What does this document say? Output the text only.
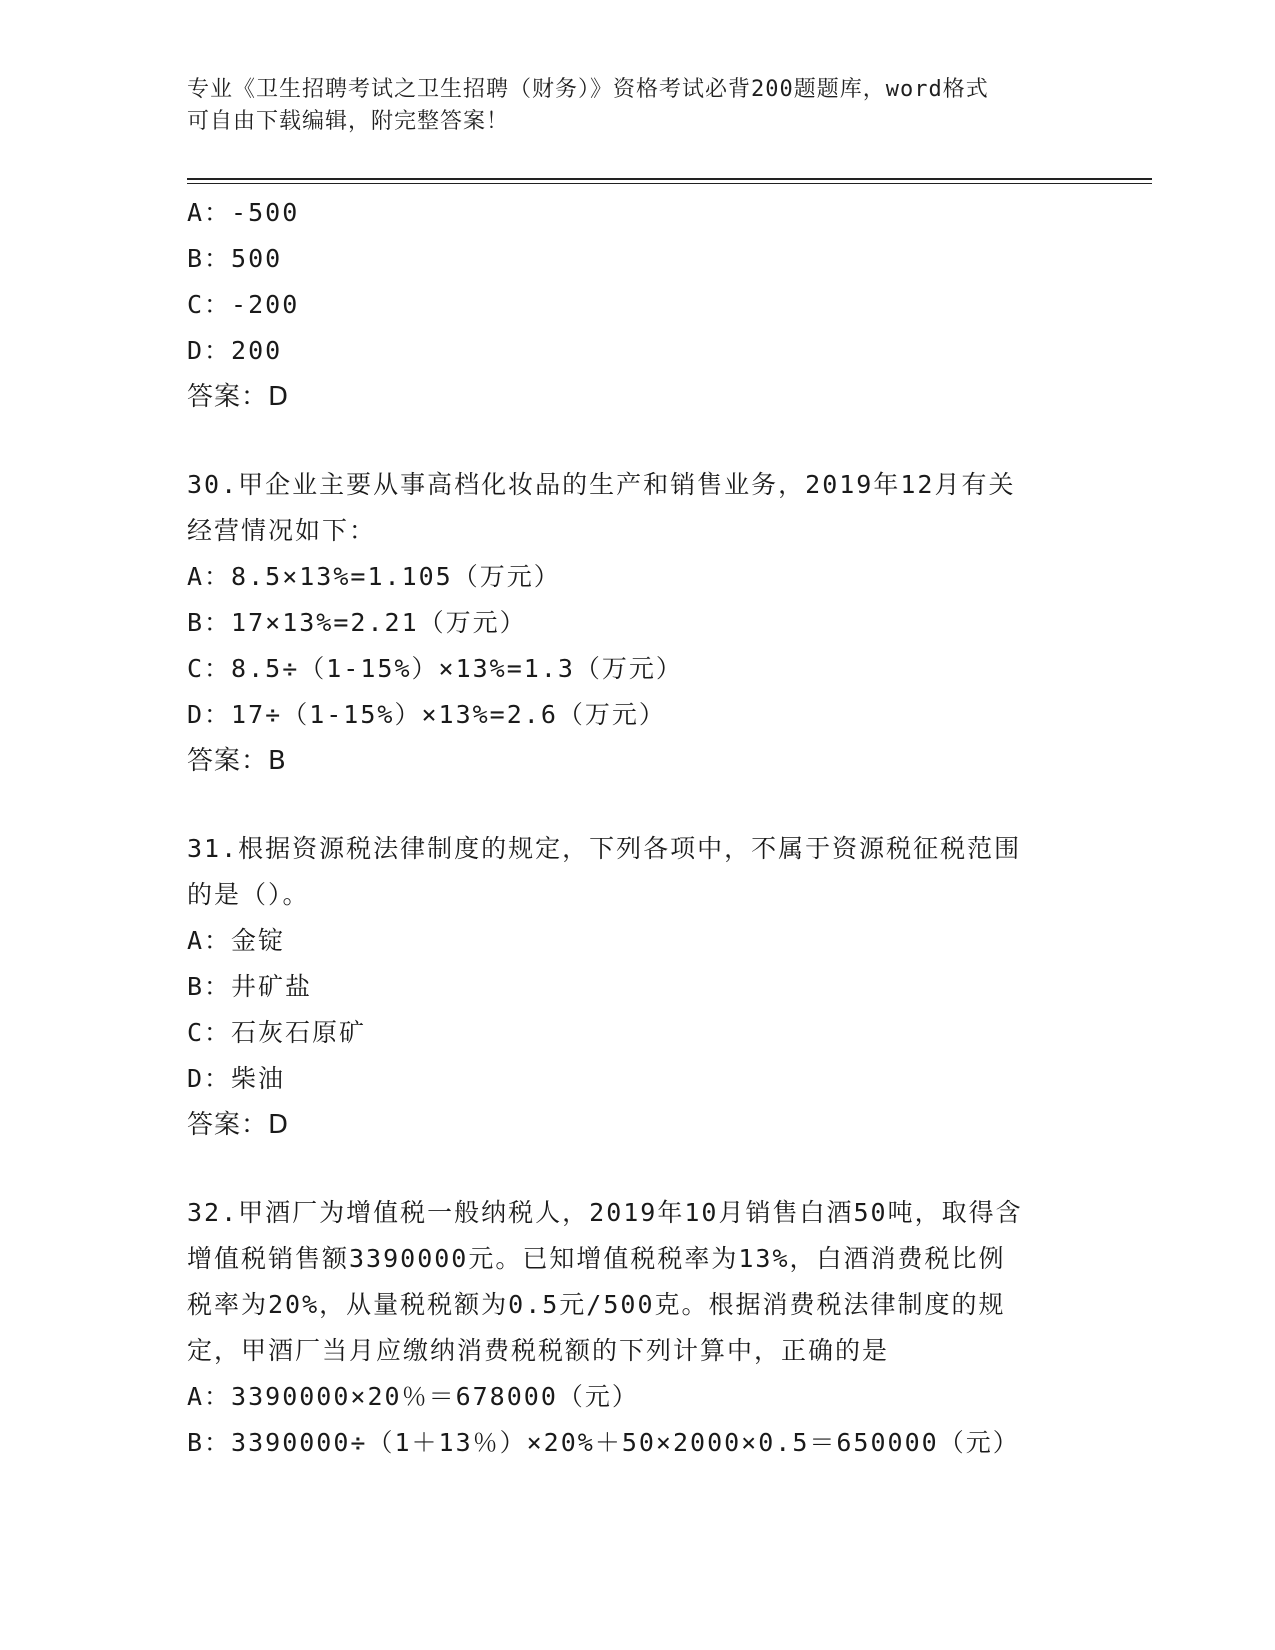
专业《卫生招聘考试之卫生招聘（财务）》资格考试必背200题题库，word格式
可自由下载编辑，附完整答案！
A：-500
B：500
C：-200
D：200
答案：D
30.甲企业主要从事高档化妆品的生产和销售业务，2019年12月有关
经营情况如下：
A：8.5×13%=1.105（万元）
B：17×13%=2.21（万元）
C：8.5÷（1-15%）×13%=1.3（万元）
D：17÷（1-15%）×13%=2.6（万元）
答案：B
31.根据资源税法律制度的规定，下列各项中，不属于资源税征税范围
的是（）。
A：金锭
B：井矿盐
C：石灰石原矿
D：柴油
答案：D
32.甲酒厂为增值税一般纳税人，2019年10月销售白酒50吨，取得含
增值税销售额3390000元。已知增值税税率为13%，白酒消费税比例
税率为20%，从量税税额为0.5元/500克。根据消费税法律制度的规
定，甲酒厂当月应缴纳消费税税额的下列计算中，正确的是
A：3390000×20％＝678000（元）
B：3390000÷（1＋13％）×20%＋50×2000×0.5＝650000（元）
